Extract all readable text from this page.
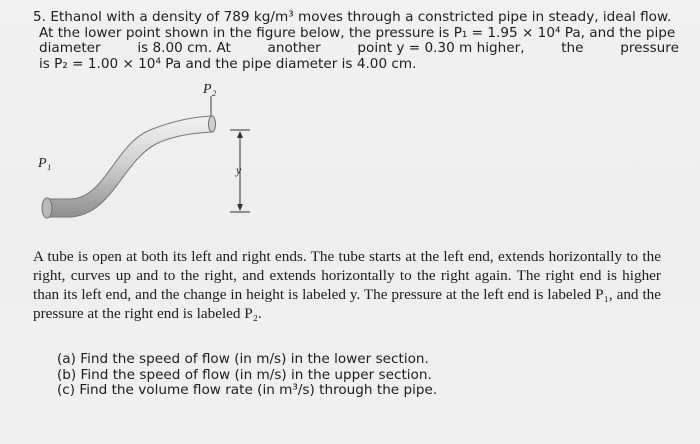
5. Ethanol with a density of 789 kg/m³ moves through a constricted pipe in steady, ideal flow.
At the lower point shown in the figure below, the pressure is P₁ = 1.95 × 10⁴ Pa, and the pipe
diameter	is 8.00 cm. At	another	point y = 0.30 m higher,	the	pressure
is P₂ = 1.00 × 10⁴ Pa and the pipe diameter is 4.00 cm.
P₂
P₁	y
A tube is open at both its left and right ends. The tube starts at the left end, extends horizontally to the right, curves up and to the right, and extends horizontally to the right again. The right end is higher than its left end, and the change in height is labeled y. The pressure at the left end is labeled P₁, and the pressure at the right end is labeled P₂.
(a) Find the speed of flow (in m/s) in the lower section.
(b) Find the speed of flow (in m/s) in the upper section.
(c) Find the volume flow rate (in m³/s) through the pipe.
